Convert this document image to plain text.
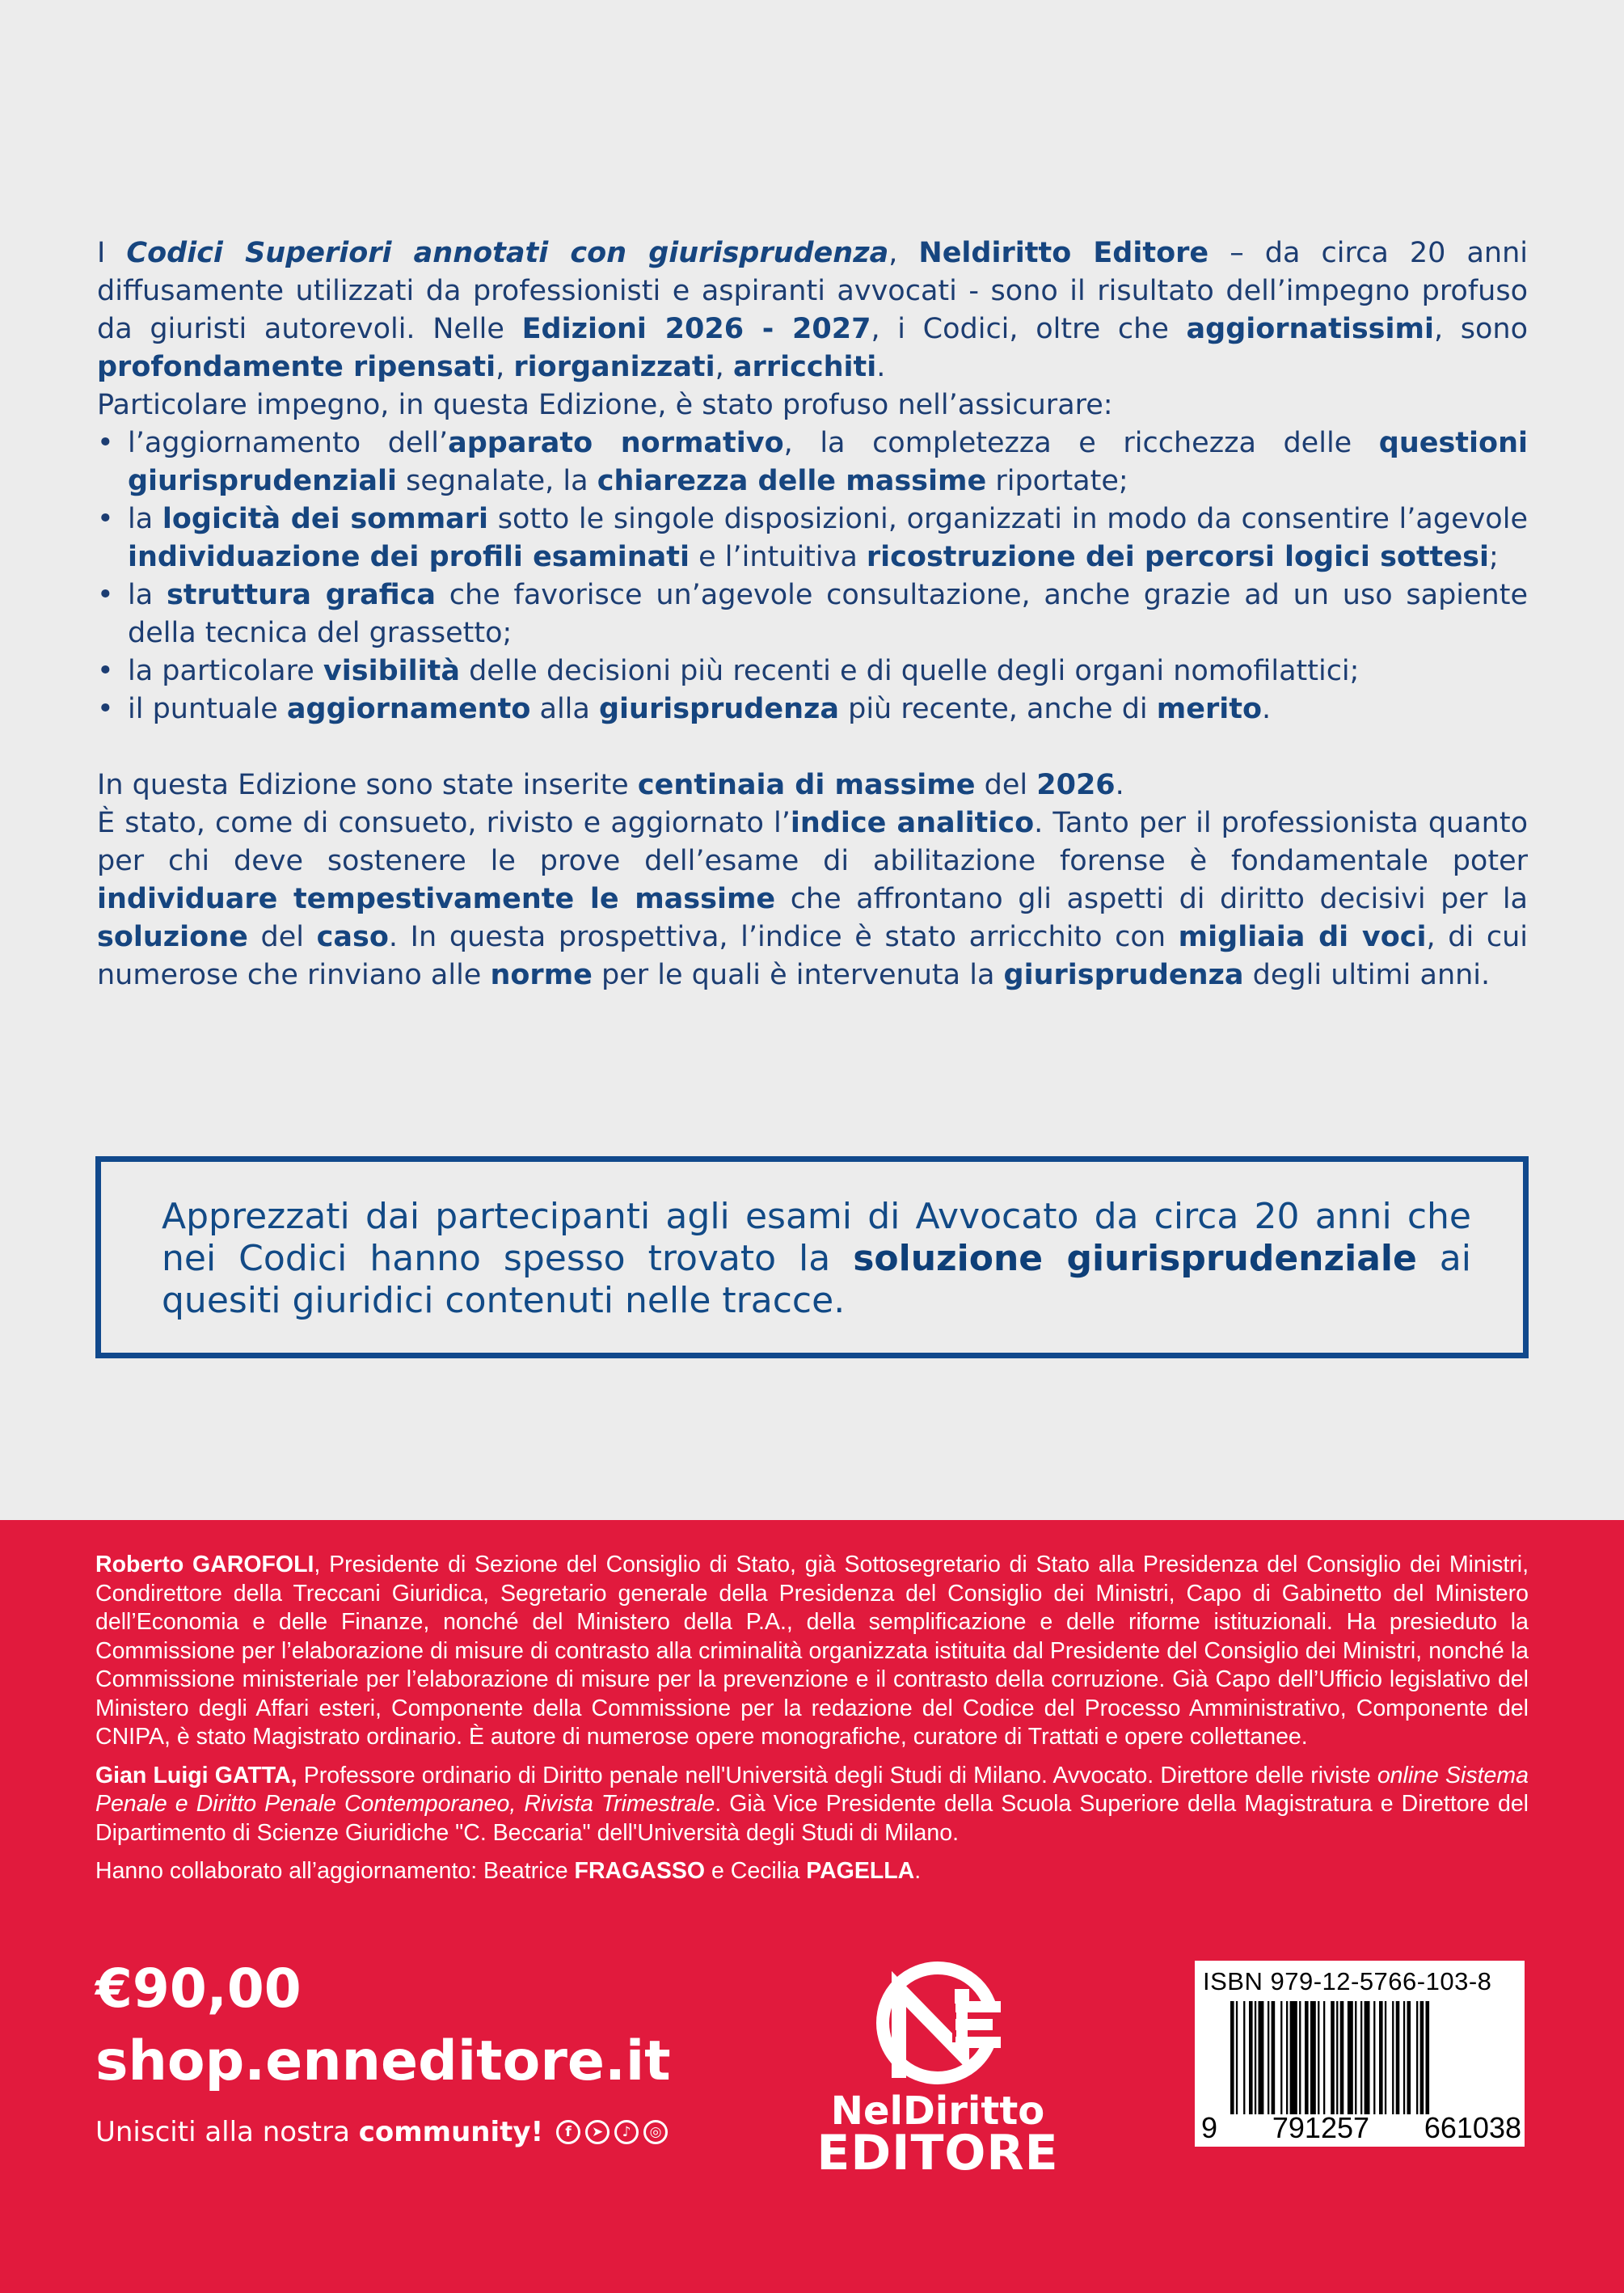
I Codici Superiori annotati con giurisprudenza, Neldiritto Editore – da circa 20 anni diffusamente utilizzati da professionisti e aspiranti avvocati - sono il risultato dell’impegno profuso da giuristi autorevoli. Nelle Edizioni 2026 - 2027, i Codici, oltre che aggiornatissimi, sono profondamente ripensati, riorganizzati, arricchiti.

Particolare impegno, in questa Edizione, è stato profuso nell’assicurare:

• l’aggiornamento dell’apparato normativo, la completezza e ricchezza delle questioni giurisprudenziali segnalate, la chiarezza delle massime riportate;
• la logicità dei sommari sotto le singole disposizioni, organizzati in modo da consentire l’agevole individuazione dei profili esaminati e l’intuitiva ricostruzione dei percorsi logici sottesi;
• la struttura grafica che favorisce un’agevole consultazione, anche grazie ad un uso sapiente della tecnica del grassetto;
• la particolare visibilità delle decisioni più recenti e di quelle degli organi nomofilattici;
• il puntuale aggiornamento alla giurisprudenza più recente, anche di merito.

In questa Edizione sono state inserite centinaia di massime del 2026.

È stato, come di consueto, rivisto e aggiornato l’indice analitico. Tanto per il professionista quanto per chi deve sostenere le prove dell’esame di abilitazione forense è fondamentale poter individuare tempestivamente le massime che affrontano gli aspetti di diritto decisivi per la soluzione del caso. In questa prospettiva, l’indice è stato arricchito con migliaia di voci, di cui numerose che rinviano alle norme per le quali è intervenuta la giurisprudenza degli ultimi anni.

Apprezzati dai partecipanti agli esami di Avvocato da circa 20 anni che nei Codici hanno spesso trovato la soluzione giurisprudenziale ai quesiti giuridici contenuti nelle tracce.

Roberto GAROFOLI, Presidente di Sezione del Consiglio di Stato, già Sottosegretario di Stato alla Presidenza del Consiglio dei Ministri, Condirettore della Treccani Giuridica, Segretario generale della Presidenza del Consiglio dei Ministri, Capo di Gabinetto del Ministero dell’Economia e delle Finanze, nonché del Ministero della P.A., della semplificazione e delle riforme istituzionali. Ha presieduto la Commissione per l’elaborazione di misure di contrasto alla criminalità organizzata istituita dal Presidente del Consiglio dei Ministri, nonché la Commissione ministeriale per l’elaborazione di misure per la prevenzione e il contrasto della corruzione. Già Capo dell’Ufficio legislativo del Ministero degli Affari esteri, Componente della Commissione per la redazione del Codice del Processo Amministrativo, Componente del CNIPA, è stato Magistrato ordinario. È autore di numerose opere monografiche, curatore di Trattati e opere collettanee.

Gian Luigi GATTA, Professore ordinario di Diritto penale nell'Università degli Studi di Milano. Avvocato. Direttore delle riviste online Sistema Penale e Diritto Penale Contemporaneo, Rivista Trimestrale. Già Vice Presidente della Scuola Superiore della Magistratura e Direttore del Dipartimento di Scienze Giuridiche "C. Beccaria" dell'Università degli Studi di Milano.

Hanno collaborato all’aggiornamento: Beatrice FRAGASSO e Cecilia PAGELLA.

€90,00
shop.enneditore.it
Unisciti alla nostra community!	f	➤	♪	◎	NelDiritto
EDITORE
ISBN 979-12-5766-103-8
9 791257 661038
